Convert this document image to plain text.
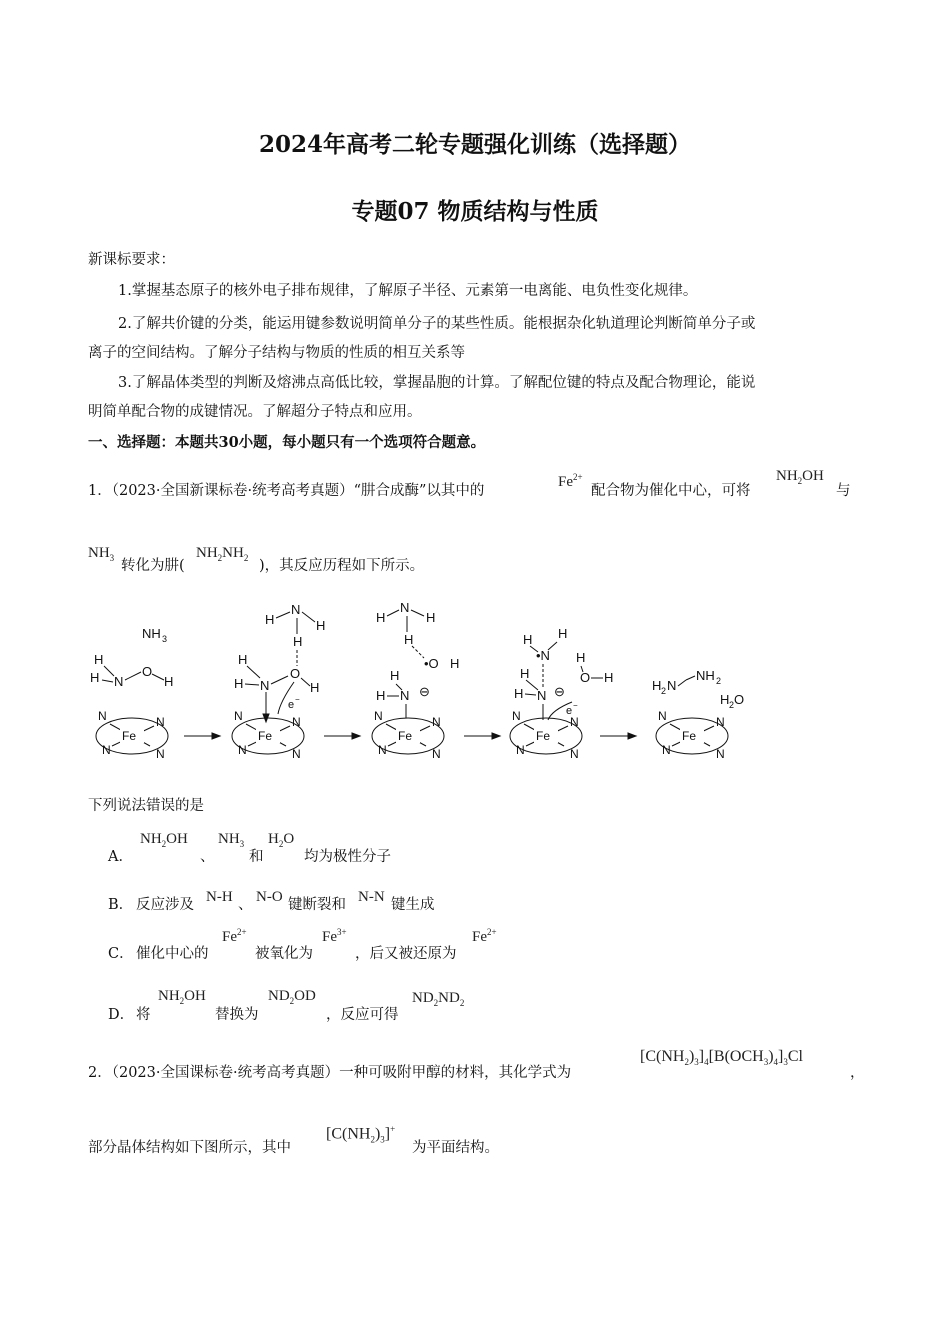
2024年高考二轮专题强化训练（选择题）
专题07 物质结构与性质
新课标要求：
1.掌握基态原子的核外电子排布规律，了解原子半径、元素第一电离能、电负性变化规律。
2.了解共价键的分类，能运用键参数说明简单分子的某些性质。能根据杂化轨道理论判断简单分子或
离子的空间结构。了解分子结构与物质的性质的相互关系等
3.了解晶体类型的判断及熔沸点高低比较，掌握晶胞的计算。了解配位键的特点及配合物理论，能说
明简单配合物的成键情况。了解超分子特点和应用。
一、选择题：本题共30小题，每小题只有一个选项符合题意。
1．（2023·全国新课标卷·统考高考真题）“肼合成酶”以其中的
$Fe^{2+}$
配合物为催化中心，可将
$NH_2OH$
与
$NH_3$ 转化为肼(
$NH_2NH_2$ )，其反应历程如下所示。
NH 3
H
H N
O
H
H
N
H
H
H
H N
O
H
e −
H
N
H
H
•O H
H
H N ⊖
H H
•N
H
H N ⊖
H
O H
e −
H 2 N
NH 2
H 2 O
Fe
N	N
N	N
Fe
N	N
N	N
Fe
N	N
N	N
Fe
N	N
N	N
Fe
N	N
N	N
下列说法错误的是
A．
$NH_2OH$
、
$NH_3$
和
$H_2O$
均为极性分子
B． 反应涉及 N-H 、 N-O 键断裂和 N-N 键生成
C． 催化中心的
$Fe^{2+}$
被氧化为
$Fe^{3+}$
，后又被还原为
$Fe^{2+}$
D． 将
$NH_2OH$
替换为
$ND_2OD$
，反应可得
$ND_2ND_2$
2．（2023·全国课标卷·统考高考真题）一种可吸附甲醇的材料，其化学式为
$[C(NH_2)_3]_4[B(OCH_3)_4]_3Cl$
，
部分晶体结构如下图所示，其中
$[C(NH_2)_3]^+$
为平面结构。
